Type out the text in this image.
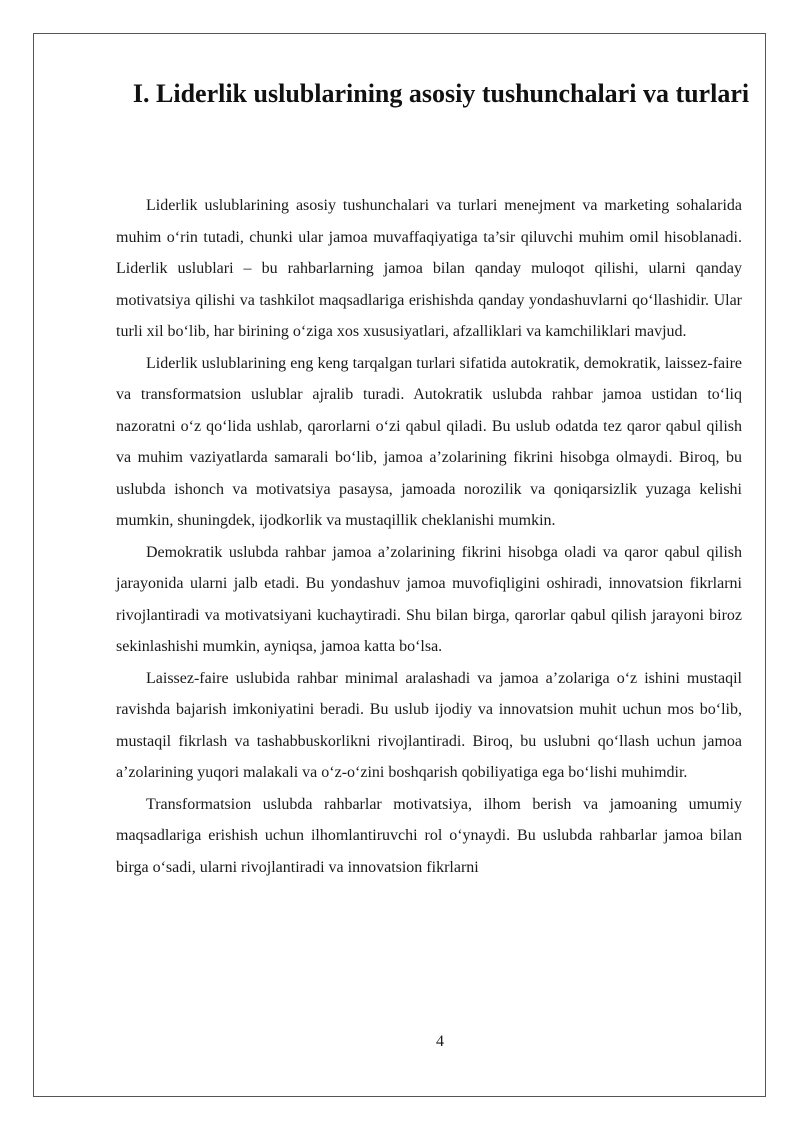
I. Liderlik uslublarining asosiy tushunchalari va turlari

Liderlik uslublarining asosiy tushunchalari va turlari menejment va marketing sohalarida muhim o‘rin tutadi, chunki ular jamoa muvaffaqiyatiga ta’sir qiluvchi muhim omil hisoblanadi. Liderlik uslublari – bu rahbarlarning jamoa bilan qanday muloqot qilishi, ularni qanday motivatsiya qilishi va tashkilot maqsadlariga erishishda qanday yondashuvlarni qo‘llashidir. Ular turli xil bo‘lib, har birining o‘ziga xos xususiyatlari, afzalliklari va kamchiliklari mavjud.

Liderlik uslublarining eng keng tarqalgan turlari sifatida autokratik, demokratik, laissez-faire va transformatsion uslublar ajralib turadi. Autokratik uslubda rahbar jamoa ustidan to‘liq nazoratni o‘z qo‘lida ushlab, qarorlarni o‘zi qabul qiladi. Bu uslub odatda tez qaror qabul qilish va muhim vaziyatlarda samarali bo‘lib, jamoa a’zolarining fikrini hisobga olmaydi. Biroq, bu uslubda ishonch va motivatsiya pasaysa, jamoada norozilik va qoniqarsizlik yuzaga kelishi mumkin, shuningdek, ijodkorlik va mustaqillik cheklanishi mumkin.

Demokratik uslubda rahbar jamoa a’zolarining fikrini hisobga oladi va qaror qabul qilish jarayonida ularni jalb etadi. Bu yondashuv jamoa muvofiqligini oshiradi, innovatsion fikrlarni rivojlantiradi va motivatsiyani kuchaytiradi. Shu bilan birga, qarorlar qabul qilish jarayoni biroz sekinlashishi mumkin, ayniqsa, jamoa katta bo‘lsa.

Laissez-faire uslubida rahbar minimal aralashadi va jamoa a’zolariga o‘z ishini mustaqil ravishda bajarish imkoniyatini beradi. Bu uslub ijodiy va innovatsion muhit uchun mos bo‘lib, mustaqil fikrlash va tashabbuskorlikni rivojlantiradi. Biroq, bu uslubni qo‘llash uchun jamoa a’zolarining yuqori malakali va o‘z-o‘zini boshqarish qobiliyatiga ega bo‘lishi muhimdir.

Transformatsion uslubda rahbarlar motivatsiya, ilhom berish va jamoaning umumiy maqsadlariga erishish uchun ilhomlantiruvchi rol o‘ynaydi. Bu uslubda rahbarlar jamoa bilan birga o‘sadi, ularni rivojlantiradi va innovatsion fikrlarni

4
